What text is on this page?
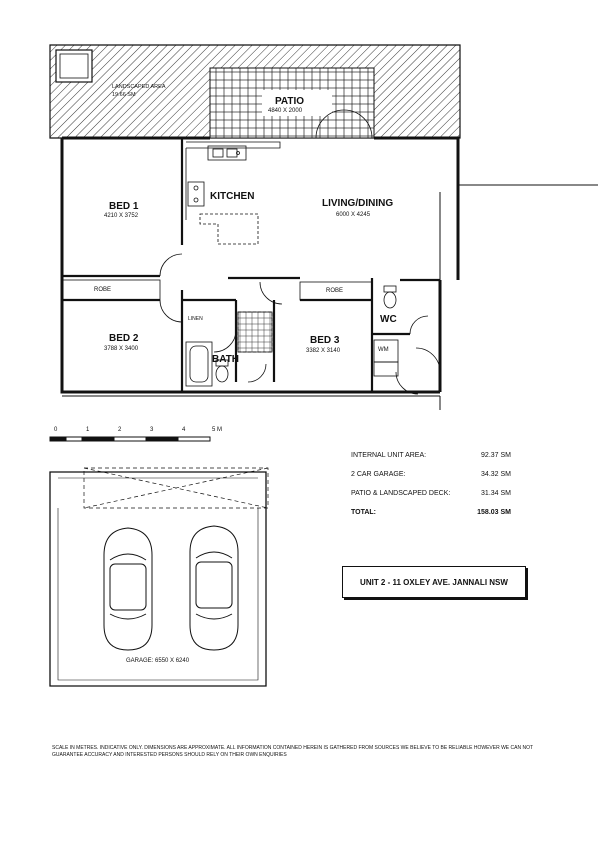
LANDSCAPED AREA
19.66 SM
PATIO
4840 X 2000
BED 1
4210 X 3752
KITCHEN
LIVING/DINING
6000 X 4245
ROBE	ROBE
LINEN
BED 2
3788 X 3400
BATH
BED 3
3382 X 3140
WC
WM
0	1	2	3	4	5 M
GARAGE: 6550 X 6240
INTERNAL UNIT AREA:	92.37 SM
2 CAR GARAGE:	34.32 SM
PATIO & LANDSCAPED DECK:	31.34 SM
TOTAL:	158.03 SM
UNIT 2 - 11 OXLEY AVE. JANNALI NSW
SCALE IN METRES. INDICATIVE ONLY. DIMENSIONS ARE APPROXIMATE. ALL INFORMATION CONTAINED HEREIN IS GATHERED FROM SOURCES WE BELIEVE TO BE RELIABLE HOWEVER WE CAN NOT GUARANTEE ACCURACY AND INTERESTED PERSONS SHOULD RELY ON THEIR OWN ENQUIRIES
